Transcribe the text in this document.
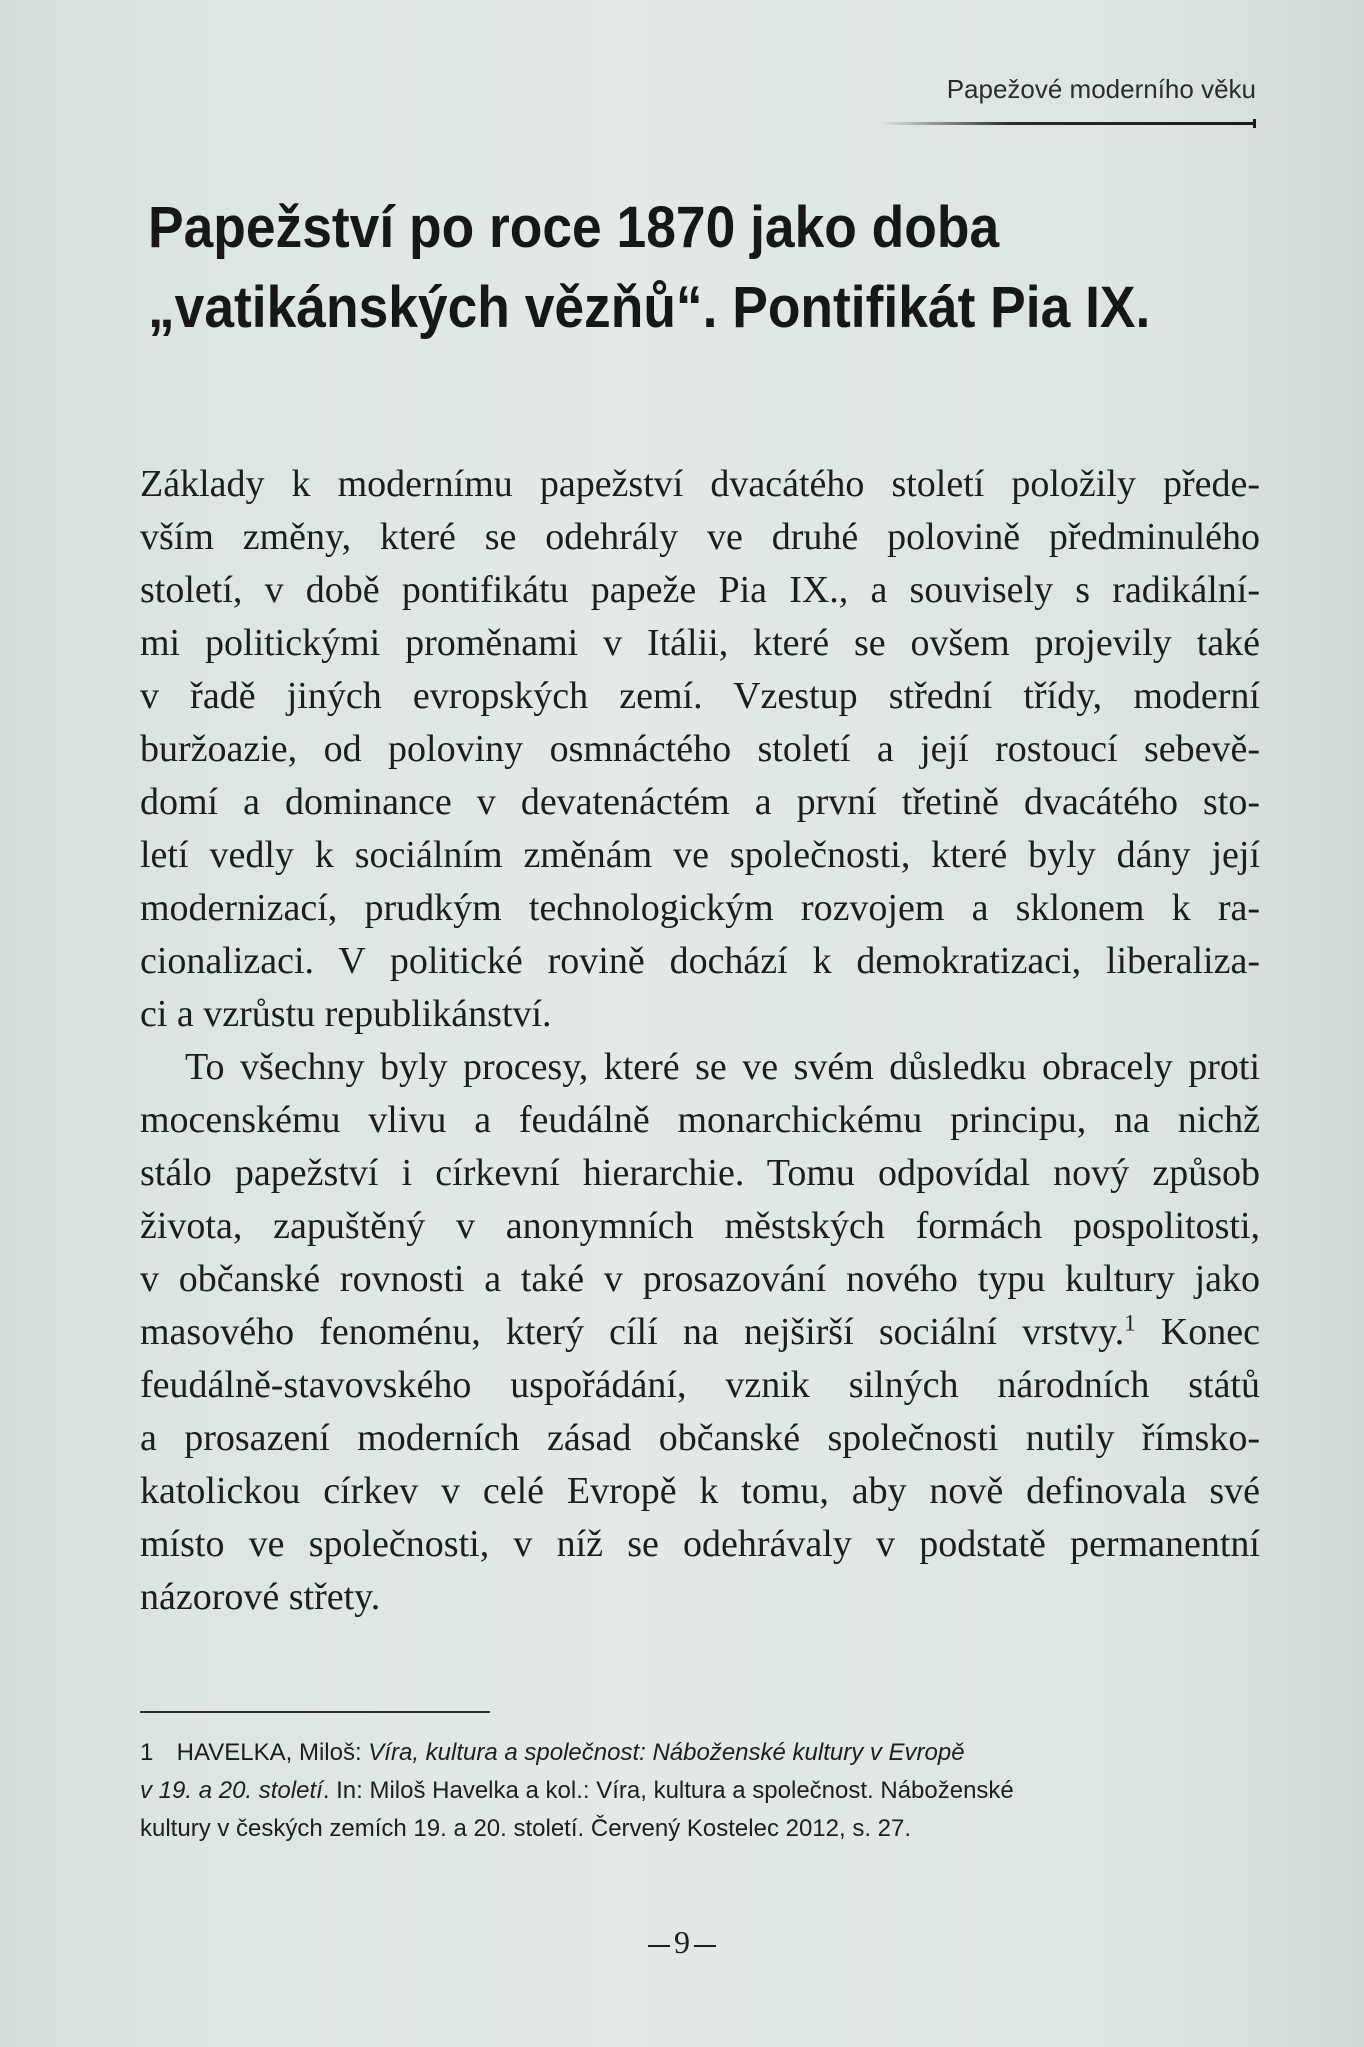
Papežové moderního věku
Papežství po roce 1870 jako doba
„vatikánských vězňů“. Pontifikát Pia IX.
Základy k modernímu papežství dvacátého století položily přede-
vším změny, které se odehrály ve druhé polovině předminulého
století, v době pontifikátu papeže Pia IX., a souvisely s radikální-
mi politickými proměnami v Itálii, které se ovšem projevily také
v řadě jiných evropských zemí. Vzestup střední třídy, moderní
buržoazie, od poloviny osmnáctého století a její rostoucí sebevě-
domí a dominance v devatenáctém a první třetině dvacátého sto-
letí vedly k sociálním změnám ve společnosti, které byly dány její
modernizací, prudkým technologickým rozvojem a sklonem k ra-
cionalizaci. V politické rovině dochází k demokratizaci, liberaliza-
ci a vzrůstu republikánství.
To všechny byly procesy, které se ve svém důsledku obracely proti
mocenskému vlivu a feudálně monarchickému principu, na nichž
stálo papežství i církevní hierarchie. Tomu odpovídal nový způsob
života, zapuštěný v anonymních městských formách pospolitosti,
v občanské rovnosti a také v prosazování nového typu kultury jako
masového fenoménu, který cílí na nejširší sociální vrstvy.$^1$ Konec
feudálně-stavovského uspořádání, vznik silných národních států
a prosazení moderních zásad občanské společnosti nutily římsko-
katolickou církev v celé Evropě k tomu, aby nově definovala své
místo ve společnosti, v níž se odehrávaly v podstatě permanentní
názorové střety.
1 HAVELKA, Miloš: Víra, kultura a společnost: Náboženské kultury v Evropě
v 19. a 20. století. In: Miloš Havelka a kol.: Víra, kultura a společnost. Náboženské
kultury v českých zemích 19. a 20. století. Červený Kostelec 2012, s. 27.
9
